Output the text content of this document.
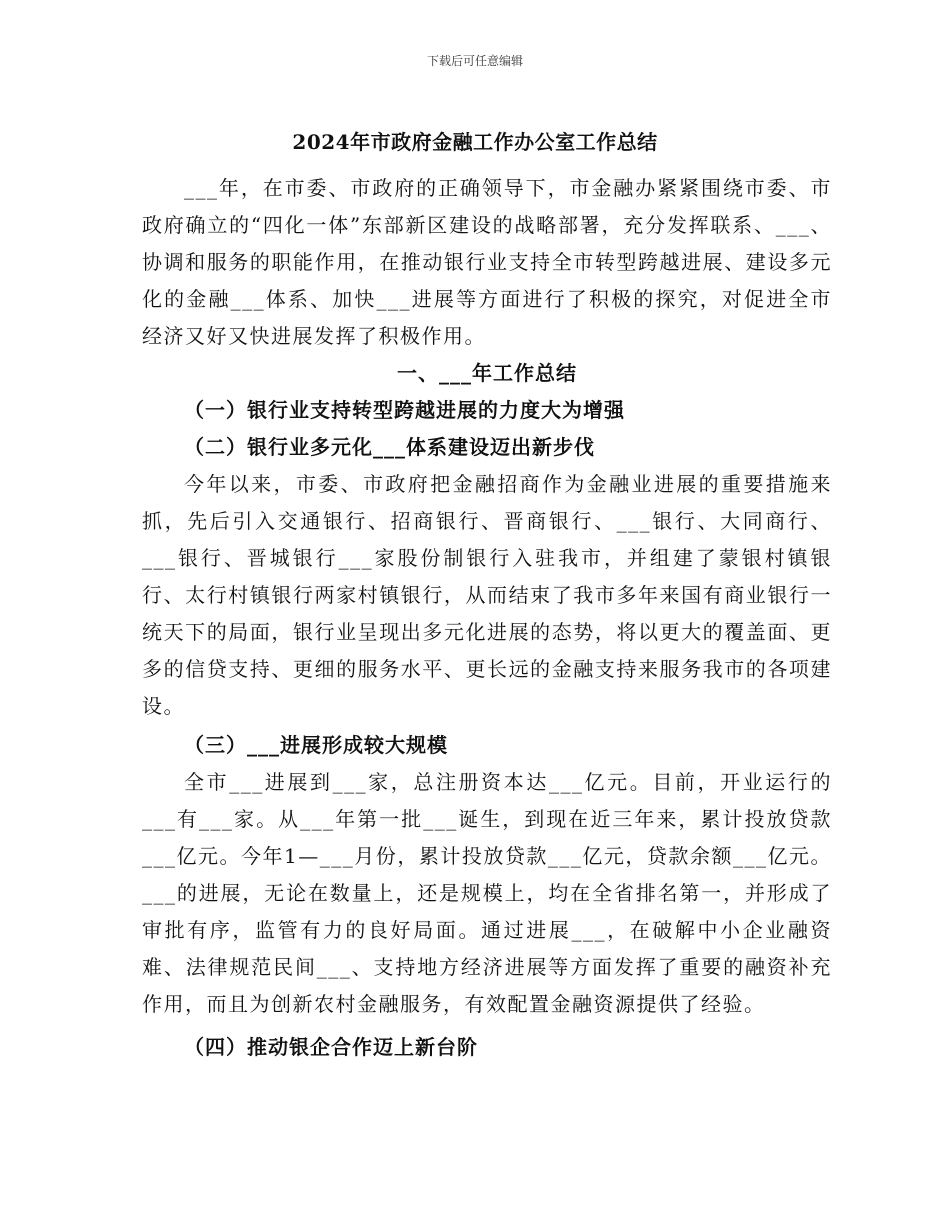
下载后可任意编辑
2024年市政府金融工作办公室工作总结

___年，在市委、市政府的正确领导下，市金融办紧紧围绕市委、市政府确立的“四化一体”东部新区建设的战略部署，充分发挥联系、___、协调和服务的职能作用，在推动银行业支持全市转型跨越进展、建设多元化的金融___体系、加快___进展等方面进行了积极的探究，对促进全市经济又好又快进展发挥了积极作用。

一、___年工作总结

（一）银行业支持转型跨越进展的力度大为增强

（二）银行业多元化___体系建设迈出新步伐

今年以来，市委、市政府把金融招商作为金融业进展的重要措施来抓，先后引入交通银行、招商银行、晋商银行、___银行、大同商行、___银行、晋城银行___家股份制银行入驻我市，并组建了蒙银村镇银行、太行村镇银行两家村镇银行，从而结束了我市多年来国有商业银行一统天下的局面，银行业呈现出多元化进展的态势，将以更大的覆盖面、更多的信贷支持、更细的服务水平、更长远的金融支持来服务我市的各项建设。

（三）___进展形成较大规模

全市___进展到___家，总注册资本达___亿元。目前，开业运行的___有___家。从___年第一批___诞生，到现在近三年来，累计投放贷款___亿元。今年1—___月份，累计投放贷款___亿元，贷款余额___亿元。___的进展，无论在数量上，还是规模上，均在全省排名第一，并形成了审批有序，监管有力的良好局面。通过进展___，在破解中小企业融资难、法律规范民间___、支持地方经济进展等方面发挥了重要的融资补充作用，而且为创新农村金融服务，有效配置金融资源提供了经验。

（四）推动银企合作迈上新台阶
